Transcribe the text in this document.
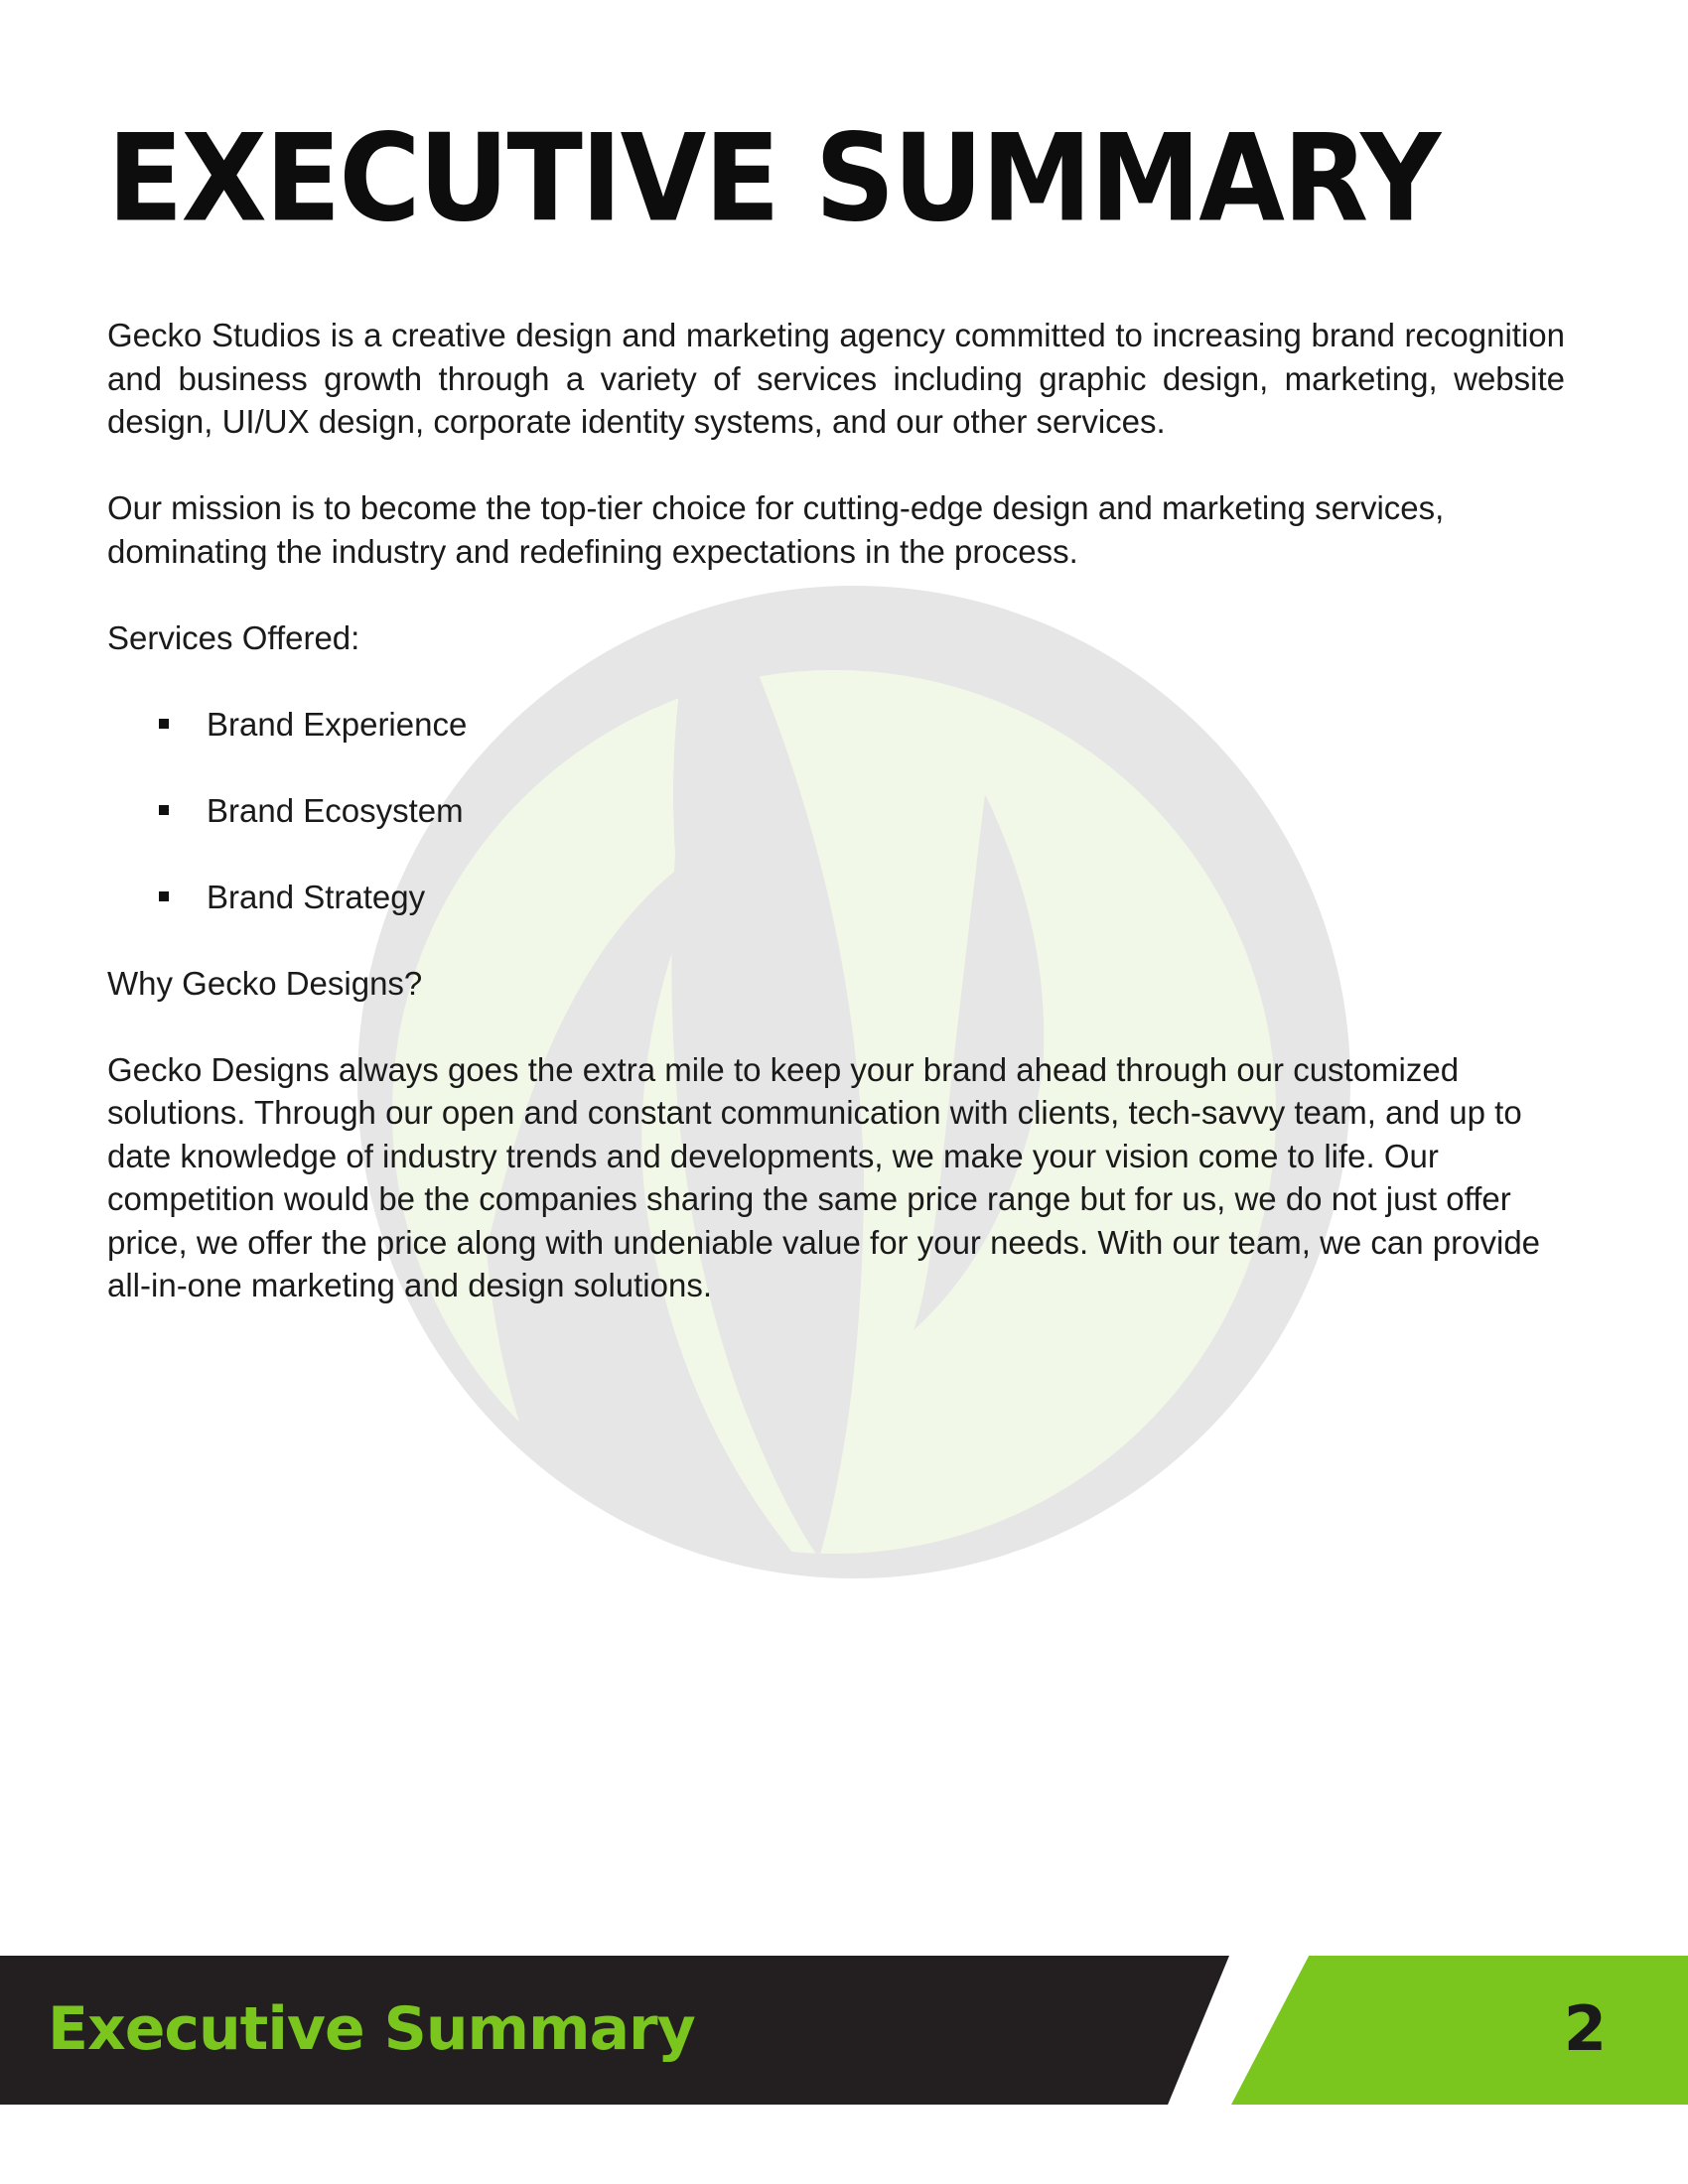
EXECUTIVE SUMMARY

Gecko Studios is a creative design and marketing agency committed to increasing brand recognition and business growth through a variety of services including graphic design, marketing, website design, UI/UX design, corporate identity systems, and our other services.

Our mission is to become the top-tier choice for cutting-edge design and marketing services, dominating the industry and redefining expectations in the process.

Services Offered:

Brand Experience
Brand Ecosystem
Brand Strategy

Why Gecko Designs?

Gecko Designs always goes the extra mile to keep your brand ahead through our customized solutions. Through our open and constant communication with clients, tech-savvy team, and up to date knowledge of industry trends and developments, we make your vision come to life. Our competition would be the companies sharing the same price range but for us, we do not just offer price, we offer the price along with undeniable value for your needs. With our team, we can provide all-in-one marketing and design solutions.

Executive Summary	2
